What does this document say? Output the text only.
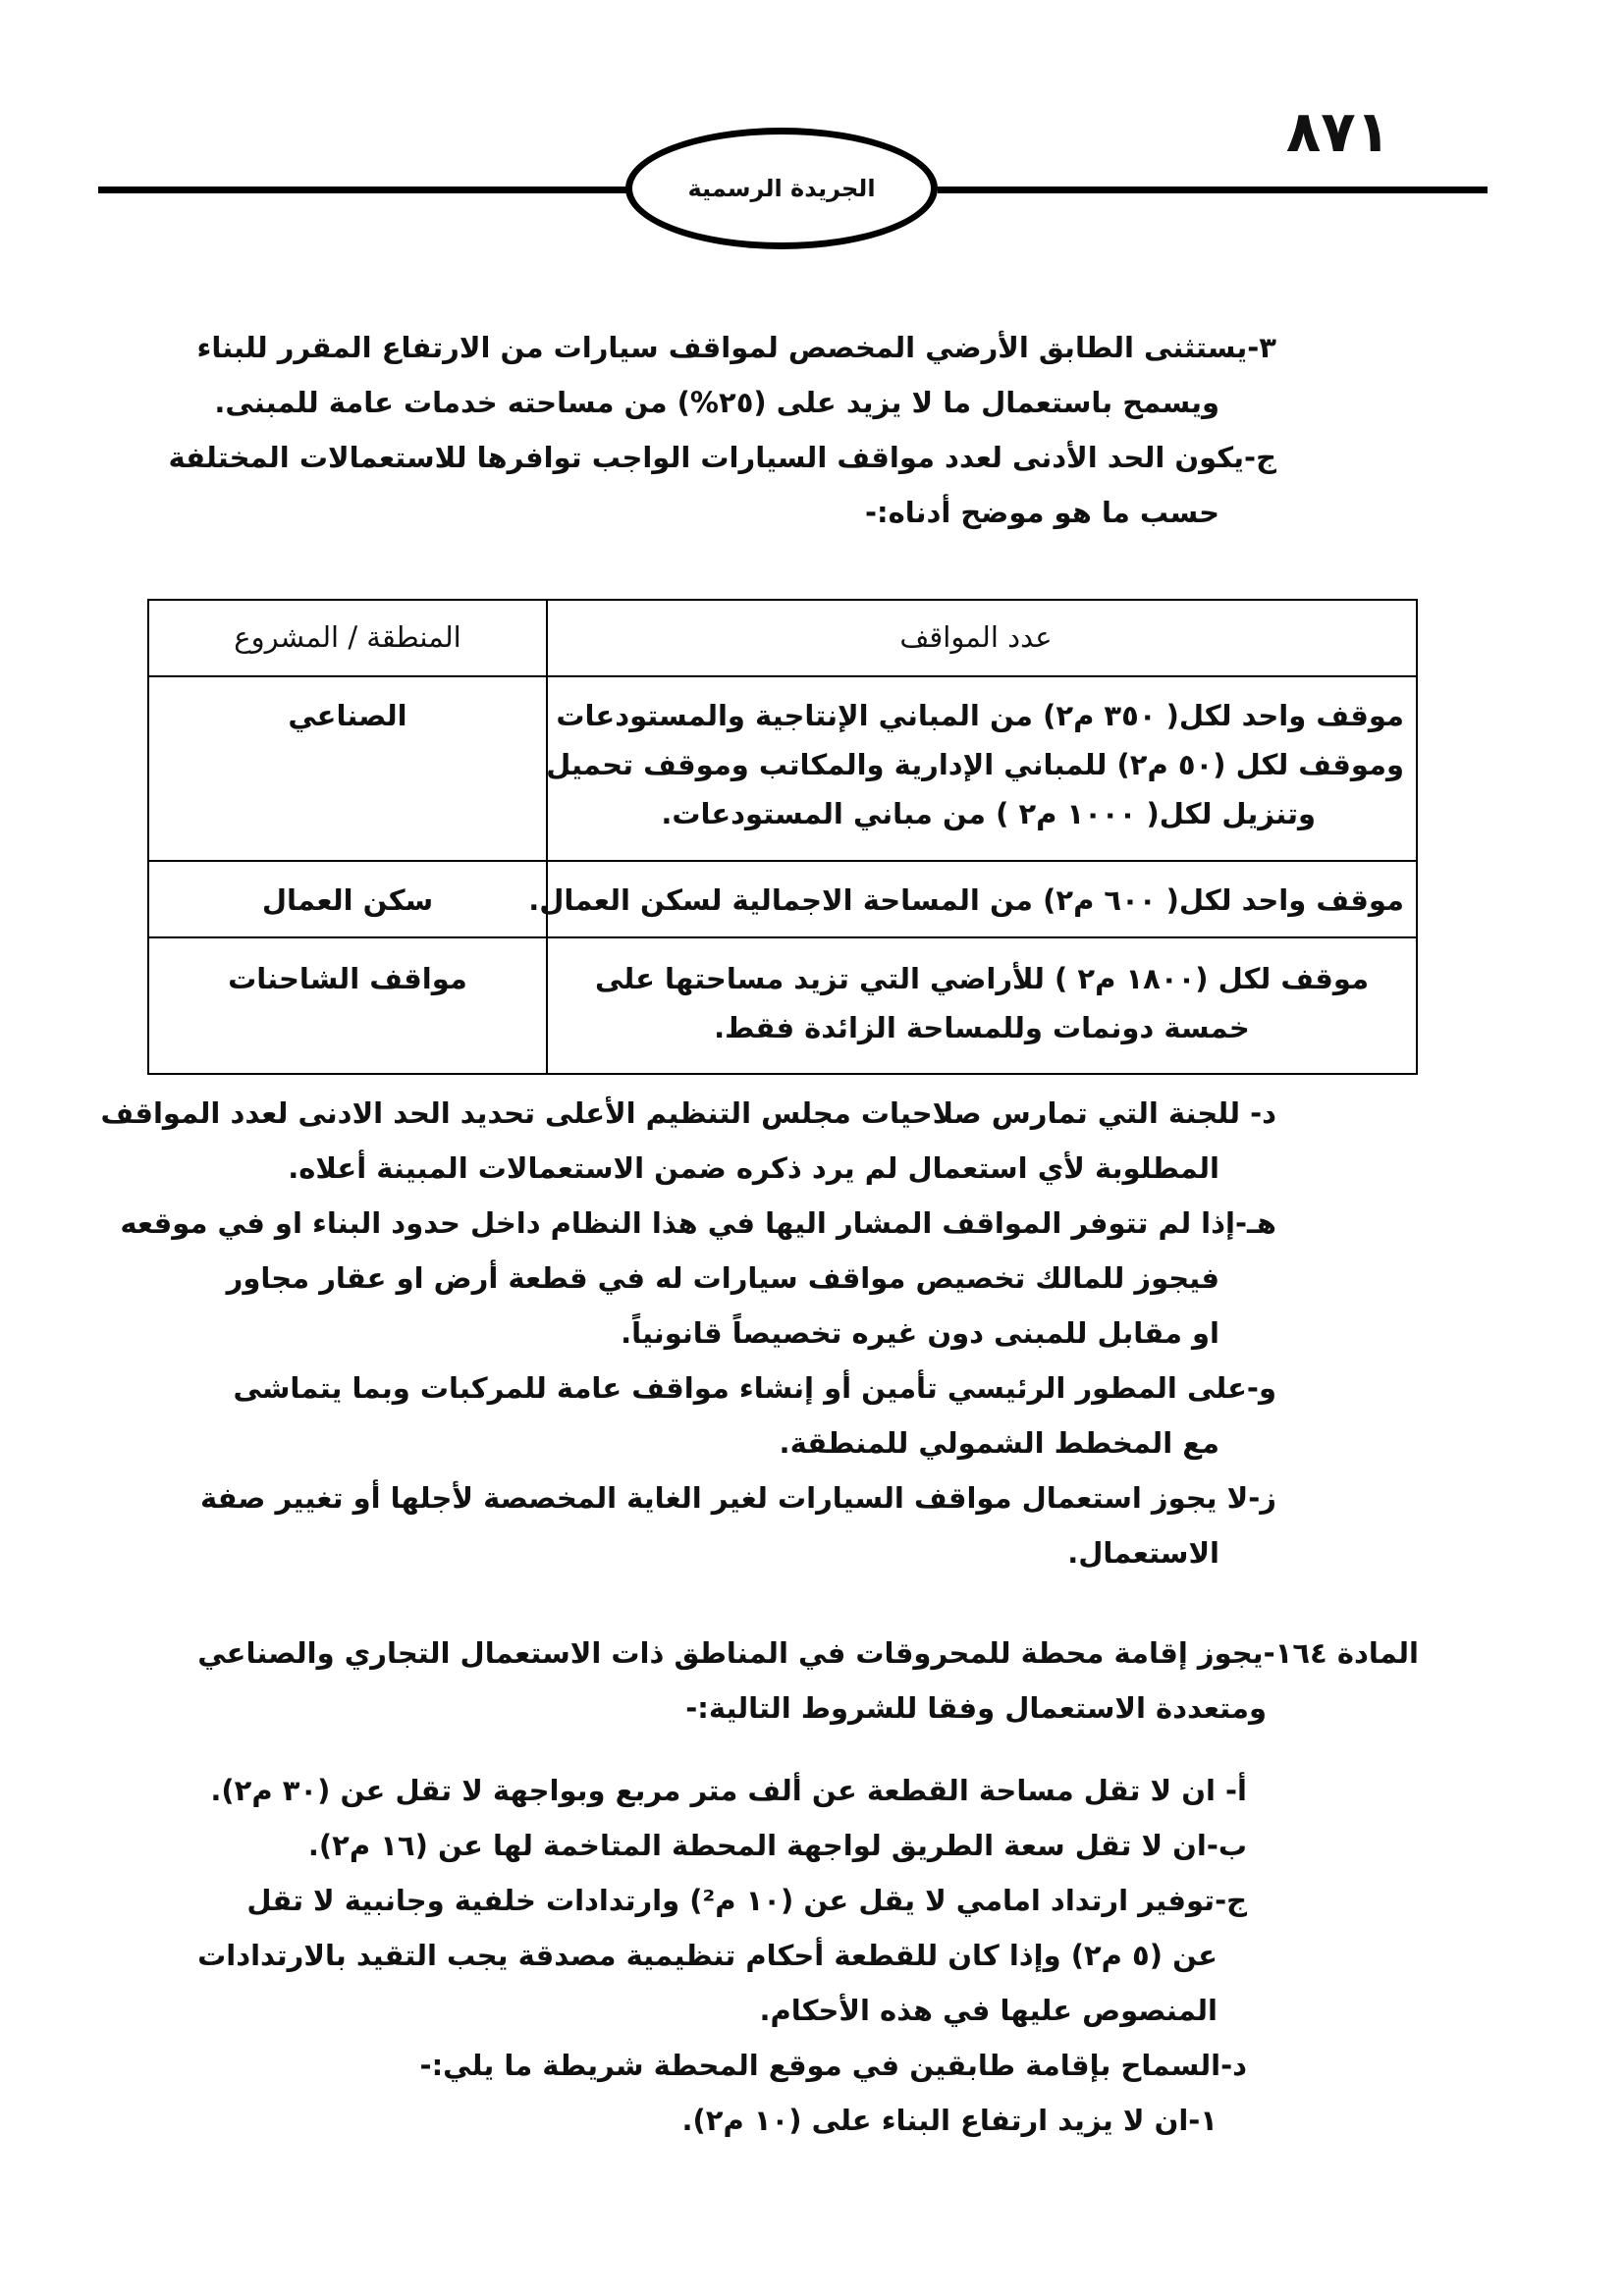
٨٧١
الجريدة الرسمية
٣-يستثنى الطابق الأرضي المخصص لمواقف سيارات من الارتفاع المقرر للبناء
ويسمح باستعمال ما لا يزيد على (٢٥%) من مساحته خدمات عامة للمبنى.
ج-يكون الحد الأدنى لعدد مواقف السيارات الواجب توافرها للاستعمالات المختلفة
حسب ما هو موضح أدناه:-
المنطقة / المشروع	عدد المواقف
الصناعي	موقف واحد لكل( ٣٥٠ م٢) من المباني الإنتاجية والمستودعات
وموقف لكل (٥٠ م٢) للمباني الإدارية والمكاتب وموقف تحميل
وتنزيل لكل( ١٠٠٠ م٢ ) من مباني المستودعات.
سكن العمال	موقف واحد لكل( ٦٠٠ م٢) من المساحة الاجمالية لسكن العمال.
مواقف الشاحنات	موقف لكل (١٨٠٠ م٢ ) للأراضي التي تزيد مساحتها على
خمسة دونمات وللمساحة الزائدة فقط.
د- للجنة التي تمارس صلاحيات مجلس التنظيم الأعلى تحديد الحد الادنى لعدد المواقف
المطلوبة لأي استعمال لم يرد ذكره ضمن الاستعمالات المبينة أعلاه.
هـ-إذا لم تتوفر المواقف المشار اليها في هذا النظام داخل حدود البناء او في موقعه
فيجوز للمالك تخصيص مواقف سيارات له في قطعة أرض او عقار مجاور
او مقابل للمبنى دون غيره تخصيصاً قانونياً.
و-على المطور الرئيسي تأمين أو إنشاء مواقف عامة للمركبات وبما يتماشى
مع المخطط الشمولي للمنطقة.
ز-لا يجوز استعمال مواقف السيارات لغير الغاية المخصصة لأجلها أو تغيير صفة
الاستعمال.
المادة ١٦٤-يجوز إقامة محطة للمحروقات في المناطق ذات الاستعمال التجاري والصناعي
ومتعددة الاستعمال وفقا للشروط التالية:-
أ- ان لا تقل مساحة القطعة عن ألف متر مربع وبواجهة لا تقل عن (٣٠ م٢).
ب-ان لا تقل سعة الطريق لواجهة المحطة المتاخمة لها عن (١٦ م٢).
ج-توفير ارتداد امامي لا يقل عن (١٠ م²) وارتدادات خلفية وجانبية لا تقل
عن (٥ م٢) وإذا كان للقطعة أحكام تنظيمية مصدقة يجب التقيد بالارتدادات
المنصوص عليها في هذه الأحكام.
د-السماح بإقامة طابقين في موقع المحطة شريطة ما يلي:-
١-ان لا يزيد ارتفاع البناء على (١٠ م٢).
